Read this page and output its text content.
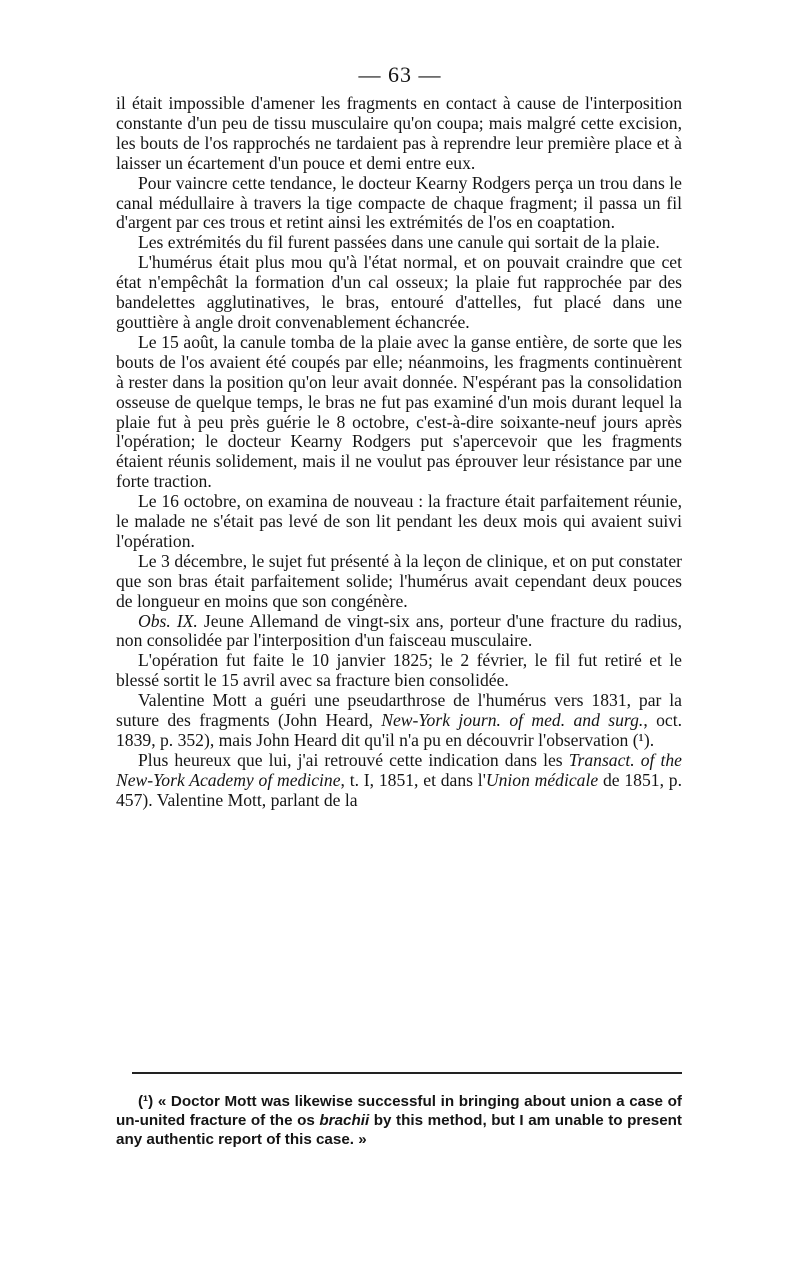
— 63 —

il était impossible d'amener les fragments en contact à cause de l'interposition constante d'un peu de tissu musculaire qu'on coupa; mais malgré cette excision, les bouts de l'os rapprochés ne tardaient pas à reprendre leur première place et à laisser un écartement d'un pouce et demi entre eux.

Pour vaincre cette tendance, le docteur Kearny Rodgers perça un trou dans le canal médullaire à travers la tige compacte de chaque fragment; il passa un fil d'argent par ces trous et retint ainsi les extrémités de l'os en coaptation.

Les extrémités du fil furent passées dans une canule qui sortait de la plaie.

L'humérus était plus mou qu'à l'état normal, et on pouvait craindre que cet état n'empêchât la formation d'un cal osseux; la plaie fut rapprochée par des bandelettes agglutinatives, le bras, entouré d'attelles, fut placé dans une gouttière à angle droit convenablement échancrée.

Le 15 août, la canule tomba de la plaie avec la ganse entière, de sorte que les bouts de l'os avaient été coupés par elle; néanmoins, les fragments continuèrent à rester dans la position qu'on leur avait donnée. N'espérant pas la consolidation osseuse de quelque temps, le bras ne fut pas examiné d'un mois durant lequel la plaie fut à peu près guérie le 8 octobre, c'est-à-dire soixante-neuf jours après l'opération; le docteur Kearny Rodgers put s'apercevoir que les fragments étaient réunis solidement, mais il ne voulut pas éprouver leur résistance par une forte traction.

Le 16 octobre, on examina de nouveau : la fracture était parfaitement réunie, le malade ne s'était pas levé de son lit pendant les deux mois qui avaient suivi l'opération.

Le 3 décembre, le sujet fut présenté à la leçon de clinique, et on put constater que son bras était parfaitement solide; l'humérus avait cependant deux pouces de longueur en moins que son congénère.

Obs. IX. Jeune Allemand de vingt-six ans, porteur d'une fracture du radius, non consolidée par l'interposition d'un faisceau musculaire.

L'opération fut faite le 10 janvier 1825; le 2 février, le fil fut retiré et le blessé sortit le 15 avril avec sa fracture bien consolidée.

Valentine Mott a guéri une pseudarthrose de l'humérus vers 1831, par la suture des fragments (John Heard, New-York journ. of med. and surg., oct. 1839, p. 352), mais John Heard dit qu'il n'a pu en découvrir l'observation (¹).

Plus heureux que lui, j'ai retrouvé cette indication dans les Transact. of the New-York Academy of medicine, t. I, 1851, et dans l'Union médicale de 1851, p. 457). Valentine Mott, parlant de la

(¹) « Doctor Mott was likewise successful in bringing about union a case of un-united fracture of the os brachii by this method, but I am unable to present any authentic report of this case. »
